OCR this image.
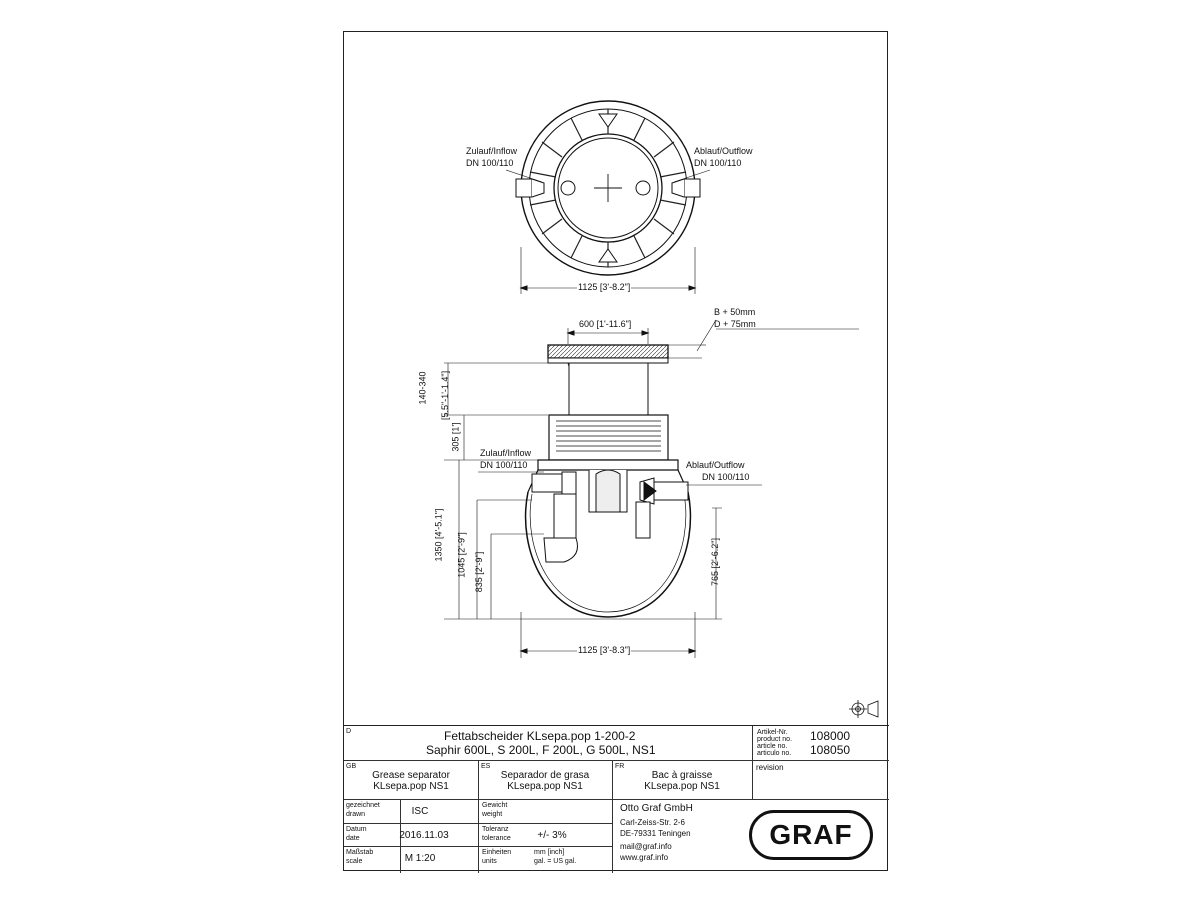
Zulauf/Inflow
DN 100/110
Ablauf/Outflow
DN 100/110
1125 [3'-8.2"]
600 [1'-11.6"]
B + 50mm
D + 75mm
Zulauf/Inflow
DN 100/110	Ablauf/Outflow
DN 100/110
1125 [3'-8.3"]
140-340 [5.5"-1'-1.4"]
305 [1']
1350 [4'-5.1"] 1045 [2'-9"] 835 [2'-9"]	765 [2'-6.2"]
D	Fettabscheider KLsepa.pop 1-200-2
Saphir 600L, S 200L, F 200L, G 500L, NS1
Artikel-Nr.
product no.
article no.
articulo no.
108000
108050
GB
Grease separator
KLsepa.pop NS1
ES
Separador de grasa
KLsepa.pop NS1
FR
Bac à graisse
KLsepa.pop NS1
revision
gezeichnet
drawn	ISC
Datum
date	2016.11.03
Maßstab
scale	M 1:20
Gewicht
weight
Toleranz
tolerance	+/- 3%
Einheiten
units
mm [inch]
gal. = US gal.
Otto Graf GmbH
Carl-Zeiss-Str. 2-6
DE-79331 Teningen
mail@graf.info
www.graf.info
GRAF
